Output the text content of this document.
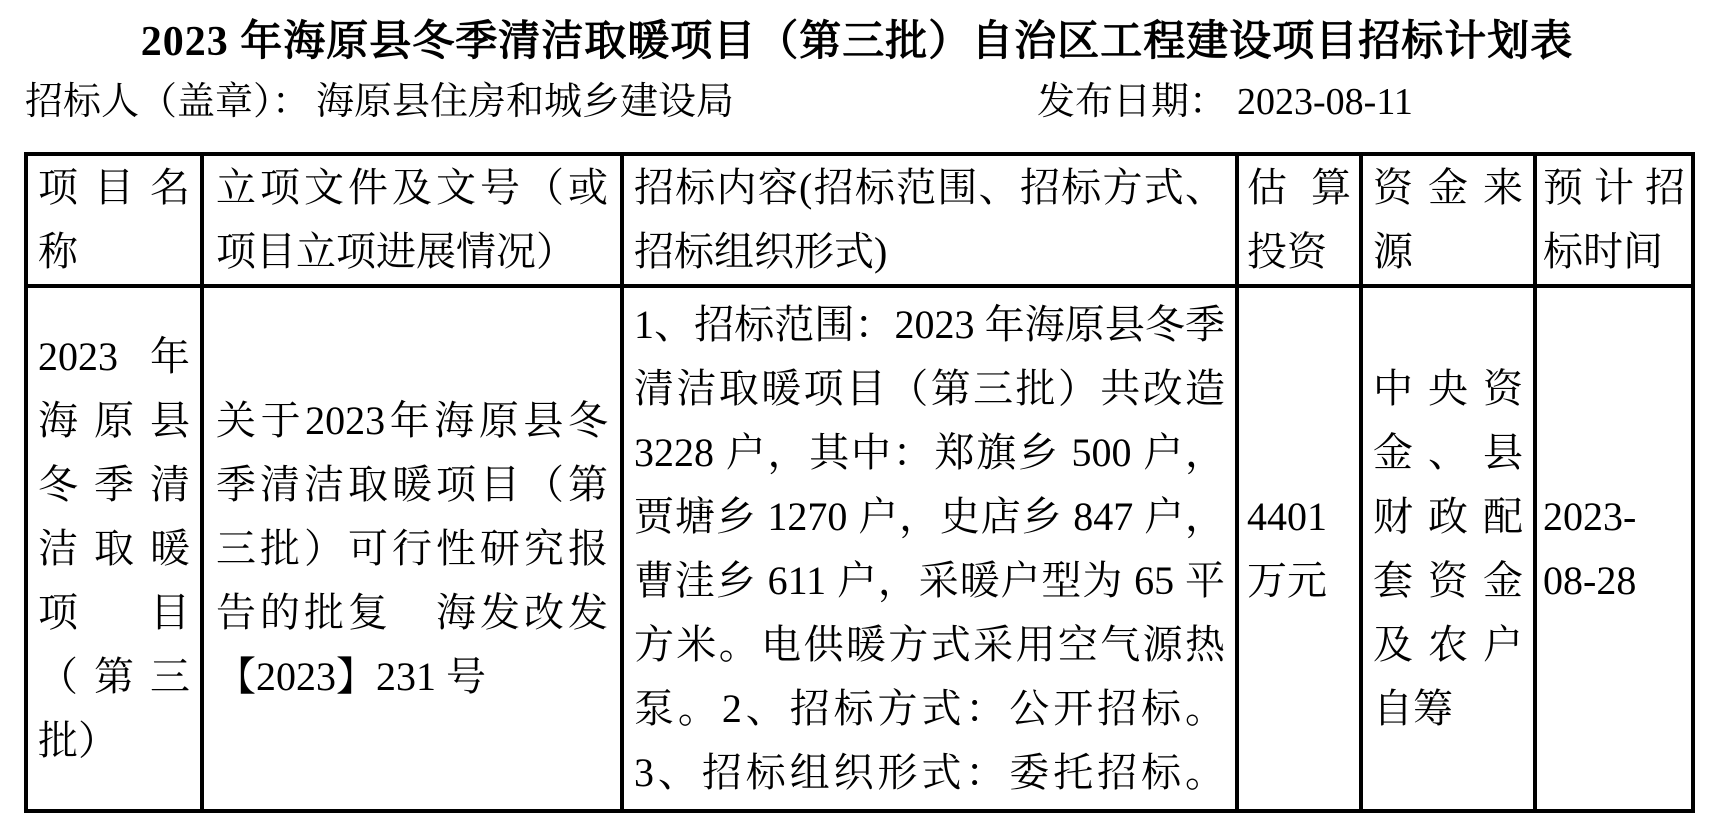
2023 年海原县冬季清洁取暖项目（第三批）自治区工程建设项目招标计划表
招标人（盖章）： 海原县住房和城乡建设局	发布日期： 2023-08-11
项目名称	立项文件及文号（或项目立项进展情况）	招标内容(招标范围、招标方式、招标组织形式)	估算投资	资金来源	预计招标时间
2023 年海原县冬季清洁取暖项目（第三批）	关于2023年海原县冬季清洁取暖项目（第三批）可行性研究报告的批复　海发改发【2023】231 号	1、招标范围：2023 年海原县冬季清洁取暖项目（第三批）共改造 3228 户，其中：郑旗乡 500 户，贾塘乡 1270 户，史店乡 847 户，曹洼乡 611 户，采暖户型为 65 平方米。电供暖方式采用空气源热泵。2、招标方式：公开招标。3、招标组织形式：委托招标。	4401 万元	中央资金、县财政配套资金及农户自筹	2023-08-28
